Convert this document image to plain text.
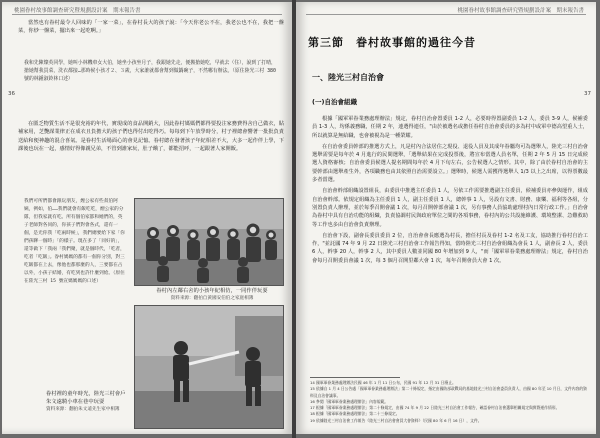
桃園眷村故事館調查研究暨規劃設計案　期末報告書
36

當然也有眷村最令人回味的「一家一菜」，在眷村長大的孩子說：「今天你老公不在，我老公也不在，我把一盤菜，你炒一盤菜，擺出來一起吃啊。」

我和先陳燦英同學，她叫小林機車女大伯，她坐小孩坐月子，我跟她先走，便搬搶她吃，早就去（住），說到了打晴，搶她幫我買菜，洗衣都接…那時候小孩才２、３歲，大家誰就都會幫到做鍋碗子，不然哪有辦法。（原住陸光三村 380 號的林鍾淑鈴林口述）

在匱乏物質生活不是很充裕的年代，實現成的食品開銷大，因此眷村媽媽們都得要投注家務費得舍自己做衣，貼補家用，芝艷謀業律正在成衣且負擔大的孩子們也得付出吃得巧。每每到下午放學時分，村子裡總會響著一批批負責送給和便神趣的混合喜氣。是眷村生活場面心的會見記憶。眷村總在發著孩子年紀相差不大，大多一起作伴上學，下課後也玩在一起，感情好得像親兄弟，不管到誰家玩，肚子餓了，都能招呼，一起跟著人家開飯。

我們可所們都會跟玩朋友，煙公家有些叔伯阿姨，例如，伯……我們就會有飯吃吃，煙公家的分隊，但我家就有吃。所有個伯家都和她們的，英子老師對各同的，你孩子們對會各式，還有一個，是光你我「吃兩時候」，我們總要給下家「你們孩聊一個時」「的樣子。現在多了「同好的」，還等做下「我兩「我們聚，就是個時代，「吃者，吃者「吃飯」。眷村媽媽的都有一個你分別，對三吃飯都在上去，像他也都那麼的人，三要都在占以外，小孩子結婚，有吃到也許什麼到給。（原住在陸光三村 15 號宣媽媽媽的口述）
眷村內左鄰右舍的小孩年紀相仿，一同作伴玩耍
資料來源：翻拍自黃國安伯伯之家庭相簿
眷村裡的童年時光，陸光三村會戶朱文遠騎小車在巷中玩耍
資料來源：翻拍朱文遠先生家中相簿
桃園眷村故事館調查研究暨規劃設計案　期末報告書
37
第三節　眷村故事館的過往今昔
一、陸光三村自治會
(一)自治會組織

根據「國軍軍眷業務處理辦法」規定，眷村自治會置委員 1-2 人，必要時得置副委員 1-2 人，委員 3-9 人，候補委員 1-3 人，均係義務職，任期 2 年，連選得連任，"由於被選名或擔任眷村自治會委員的多為村中或軍中德高望重人士，所以就算是無給職，也會被視為是一種榮耀。

在自治會委員幹部的推選方式上，凡是村內合法居住之現役、退役人員及其成年眷屬均可為選舉人，陸光三村自治會選舉需要是每年於 4 月進行的民間選舉，「選舉結果在完成投票後，將宣布當選人員名單，任期 2 年 5 月 15 日完成候選人資格審核；自治會委員候選人提名期間每年於 4 月下旬左右，公告候選人之情形。其中，除了由於眷村自治會的主要幹部由選舉產生外，各項職務也由其依照自治需要設立。」選舉時，候選人需獲得選舉人 1/3 以上之出席，以得票數最多者當選。

自治會幹部組織設置組長，由委員中推選主任委員 1 人，另依工作需要推選副主任委員，候補委員亦參與運作，組成自治會幹部。依規定組織為主任委員 1 人，副主任委員 1 人，總幹事 1 人，另設有文書、財務、康樂、福利等各組，分別置負責人辦理，並於每季召開會議 1 次，每月召開幹部會議 1 次，另有事務人員協助處理村內日常行政工作。」自治會為眷村中具有自治功能的組織，負責協調村民與政府單位之間的各項事務，眷村內的公共設施維護、環境整潔、急難救助等工作也多由自治會負責辦理。

自治會下設，副會長委員委員 2 位，自治會會長應選為村長，擔任村長及眷村 1-2 名及工友，協助推行眷村自治工作，"並託國 74 年 9 月 22 日陸光三村自治會工作報告得知，當時陸光三村自治會組織為會長 1 人，副會長 2 人，委員 6 人，幹事 20 人，幹事 2 人，其中委員人數並同國 80 年增加到 9 人，"而「國軍軍眷業務處理辦法」規定，眷村自治會每月召開委員會議 1 次，每 3 個月召開里鄰大會 1 次，每年召開會員大會 1 次。

14 國軍軍眷業務處理辦法民國 46 年 1 月 11 日公布，民國 91 年 12 月 31 日廢止。
15 依據自 1 月 4 日公告處「國軍軍眷業務處理辦法」第二十條規定，指定由國防部政戰局的基地陸光三村自治會委員負責人，由國 80 年至 10 月日，文件內容的資料及自治會議事。
16 參閱「國軍軍眷業務處理辦法」內容規範。
17 根據「國軍軍眷業務處理辦法」第二十條規定，由國 74 年 9 月 22 日陸光三村自治會工作報告，確認眷村自治會選舉相關規定與實際運作情形。
18 根據「國軍軍眷業務處理辦法」第二十三條規定。
19 依據陸光三村自治會工作報告《陸光三村自治會會員大會資料》（民國 80 年 6 月 16 日），文件。
